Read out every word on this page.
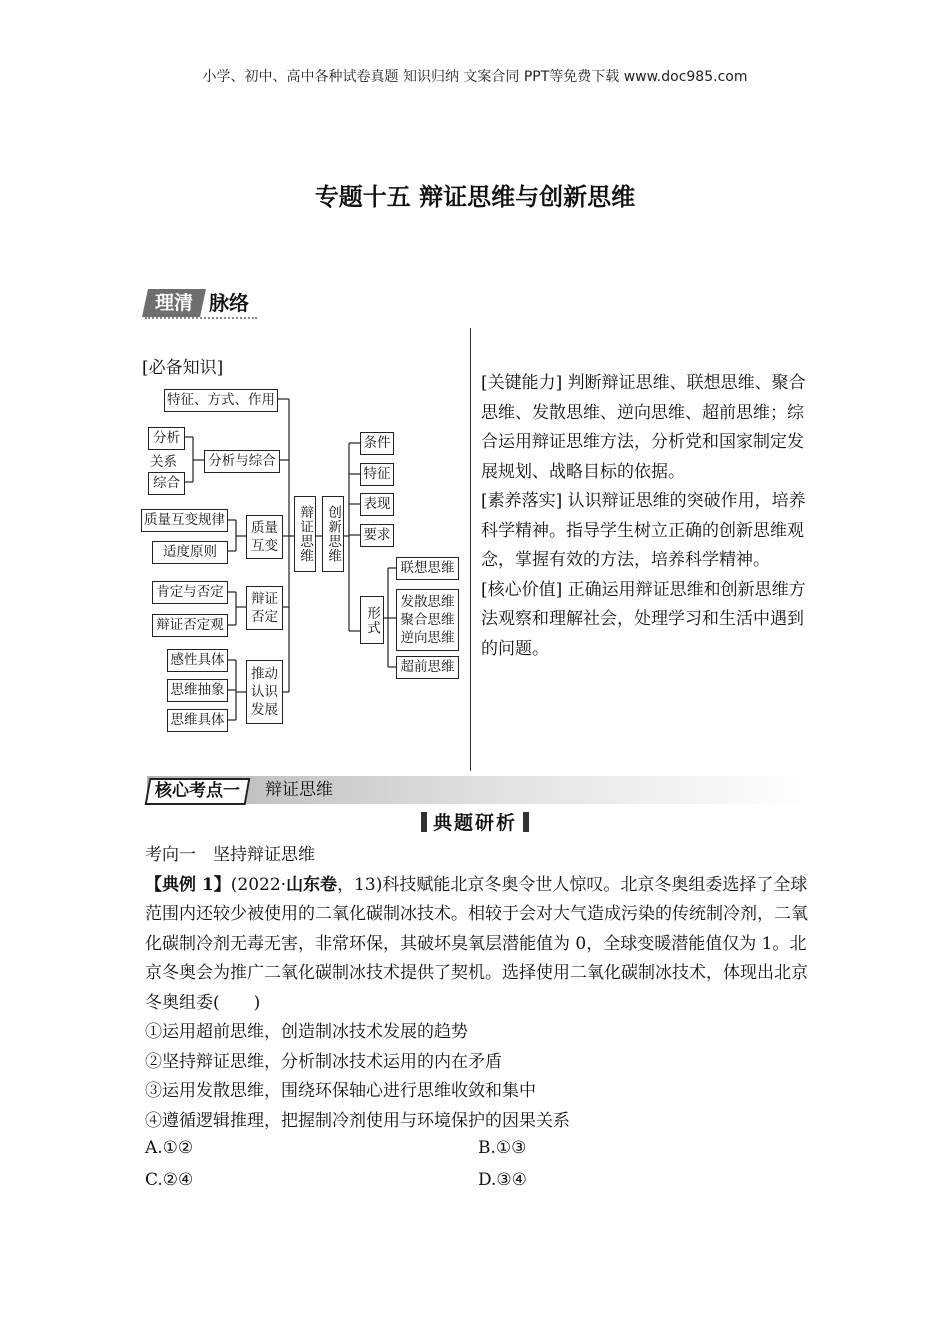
小学、初中、高中各种试卷真题 知识归纳 文案合同 PPT等免费下载 www.doc985.com
专题十五 辩证思维与创新思维
理清 脉络
[必备知识]
特征、方式、作用
分析
关系
综合
分析与综合
质量互变规律
适度原则
质量互变
肯定与否定
辩证否定观
辩证否定
感性具体
思维抽象
思维具体
推动认识发展
辩证思维 创新思维
条件
特征
表现
要求
形式
联想思维
发散思维
聚合思维
逆向思维
超前思维

[关键能力] 判断辩证思维、联想思维、聚合思维、发散思维、逆向思维、超前思维；综合运用辩证思维方法，分析党和国家制定发展规划、战略目标的依据。

[素养落实] 认识辩证思维的突破作用，培养科学精神。指导学生树立正确的创新思维观念，掌握有效的方法，培养科学精神。

[核心价值] 正确运用辩证思维和创新思维方法观察和理解社会，处理学习和生活中遇到的问题。

核心考点一 辩证思维
典题研析

考向一　坚持辩证思维

【典例 1】(2022·山东卷，13)科技赋能北京冬奥令世人惊叹。北京冬奥组委选择了全球范围内还较少被使用的二氧化碳制冰技术。相较于会对大气造成污染的传统制冷剂，二氧化碳制冷剂无毒无害，非常环保，其破坏臭氧层潜能值为 0，全球变暖潜能值仅为 1。北京冬奥会为推广二氧化碳制冰技术提供了契机。选择使用二氧化碳制冰技术，体现出北京冬奥组委(　　)

①运用超前思维，创造制冰技术发展的趋势

②坚持辩证思维，分析制冰技术运用的内在矛盾

③运用发散思维，围绕环保轴心进行思维收敛和集中

④遵循逻辑推理，把握制冷剂使用与环境保护的因果关系

A.①②	B.①③
C.②④	D.③④
